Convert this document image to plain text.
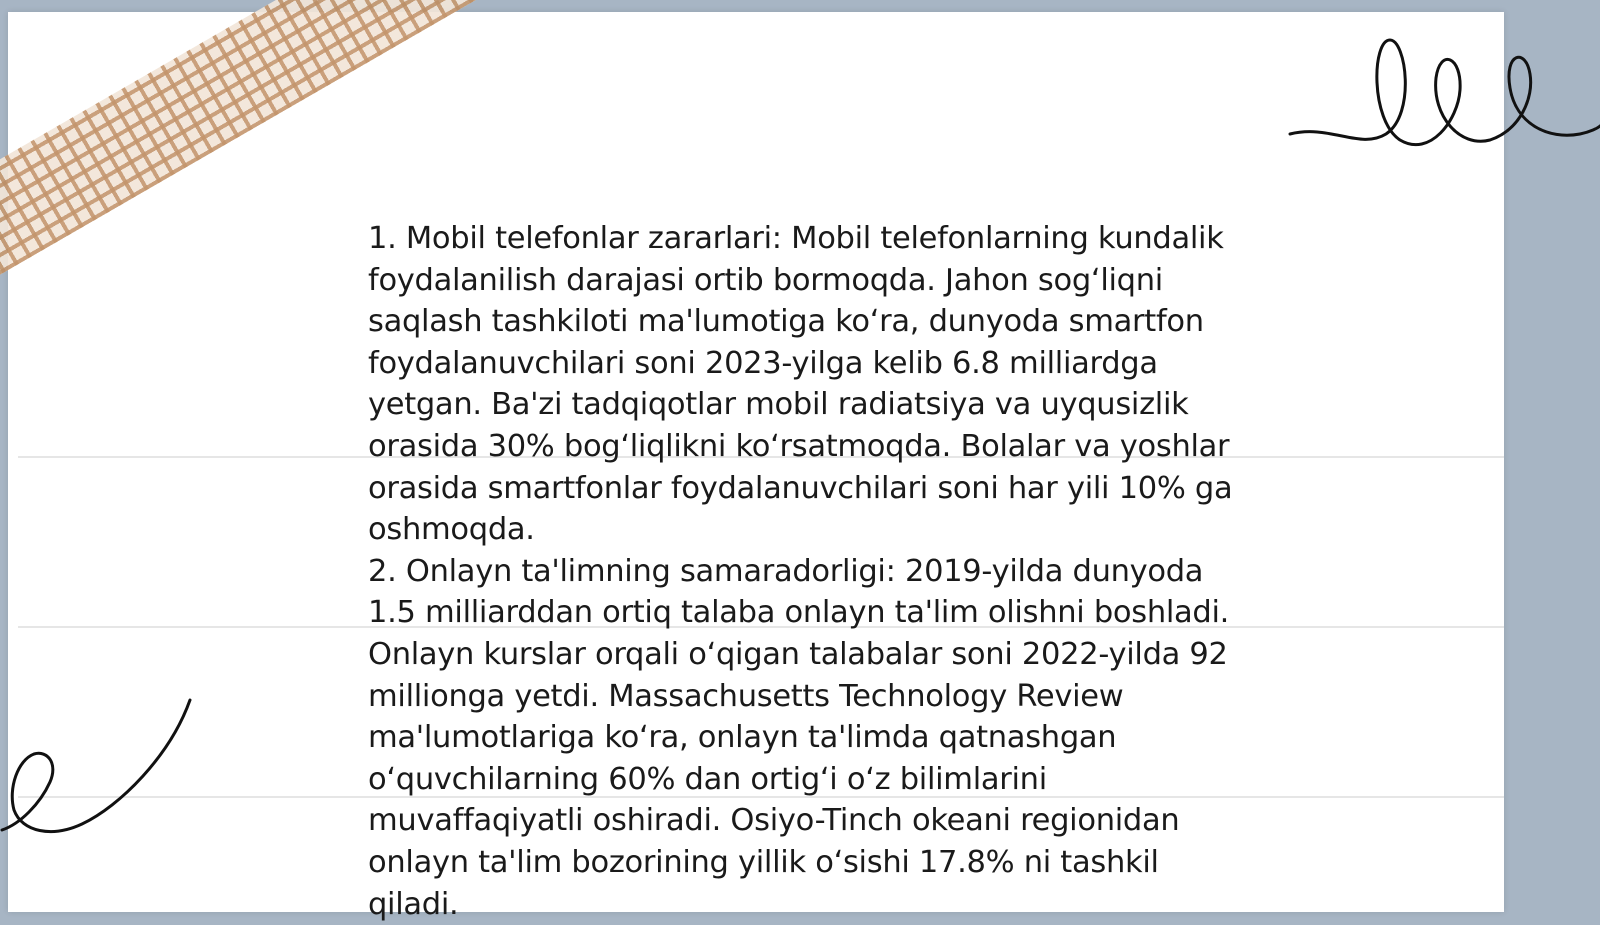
1. Mobil telefonlar zararlari: Mobil telefonlarning kundalik foydalanilish darajasi ortib bormoqda. Jahon sog‘liqni saqlash tashkiloti ma'lumotiga ko‘ra, dunyoda smartfon foydalanuvchilari soni 2023-yilga kelib 6.8 milliardga yetgan. Ba'zi tadqiqotlar mobil radiatsiya va uyqusizlik orasida 30% bog‘liqlikni ko‘rsatmoqda. Bolalar va yoshlar orasida smartfonlar foydalanuvchilari soni har yili 10% ga oshmoqda.

2. Onlayn ta'limning samaradorligi: 2019-yilda dunyoda 1.5 milliarddan ortiq talaba onlayn ta'lim olishni boshladi. Onlayn kurslar orqali o‘qigan talabalar soni 2022-yilda 92 millionga yetdi. Massachusetts Technology Review ma'lumotlariga ko‘ra, onlayn ta'limda qatnashgan o‘quvchilarning 60% dan ortig‘i o‘z bilimlarini muvaffaqiyatli oshiradi. Osiyo-Tinch okeani regionidan onlayn ta'lim bozorining yillik o‘sishi 17.8% ni tashkil qiladi.
